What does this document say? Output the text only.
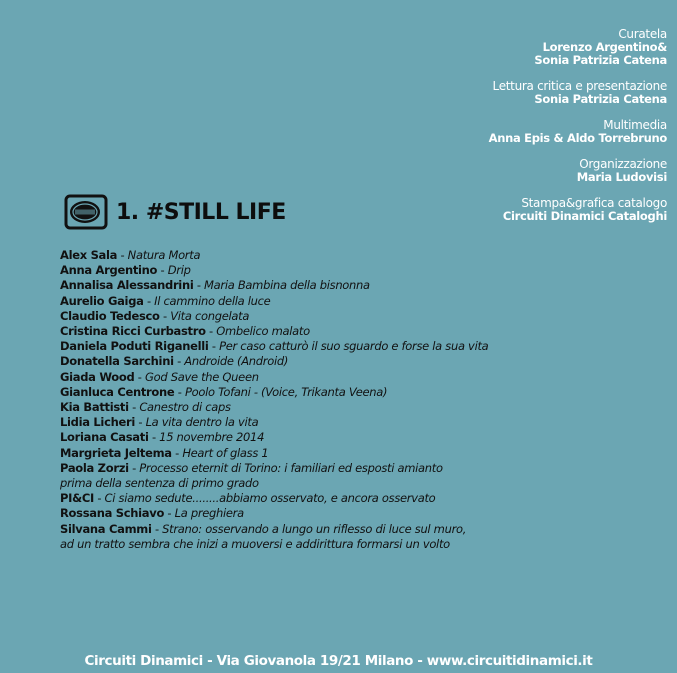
Curatela
Lorenzo Argentino&
Sonia Patrizia Catena
Lettura critica e presentazione
Sonia Patrizia Catena
Multimedia
Anna Epis & Aldo Torrebruno
Organizzazione
Maria Ludovisi
Stampa&grafica catalogo
Circuiti Dinamici Cataloghi
1. #STILL LIFE
Alex Sala - Natura Morta
Anna Argentino - Drip
Annalisa Alessandrini - Maria Bambina della bisnonna
Aurelio Gaiga - Il cammino della luce
Claudio Tedesco - Vita congelata
Cristina Ricci Curbastro - Ombelico malato
Daniela Poduti Riganelli - Per caso catturò il suo sguardo e forse la sua vita
Donatella Sarchini - Androide (Android)
Giada Wood - God Save the Queen
Gianluca Centrone - Poolo Tofani - (Voice, Trikanta Veena)
Kia Battisti - Canestro di caps
Lidia Licheri - La vita dentro la vita
Loriana Casati - 15 novembre 2014
Margrieta Jeltema - Heart of glass 1
Paola Zorzi - Processo eternit di Torino: i familiari ed esposti amianto
prima della sentenza di primo grado
PI&CI - Ci siamo sedute........abbiamo osservato, e ancora osservato
Rossana Schiavo - La preghiera
Silvana Cammi - Strano: osservando a lungo un riflesso di luce sul muro,
ad un tratto sembra che inizi a muoversi e addirittura formarsi un volto
Circuiti Dinamici - Via Giovanola 19/21 Milano - www.circuitidinamici.it
